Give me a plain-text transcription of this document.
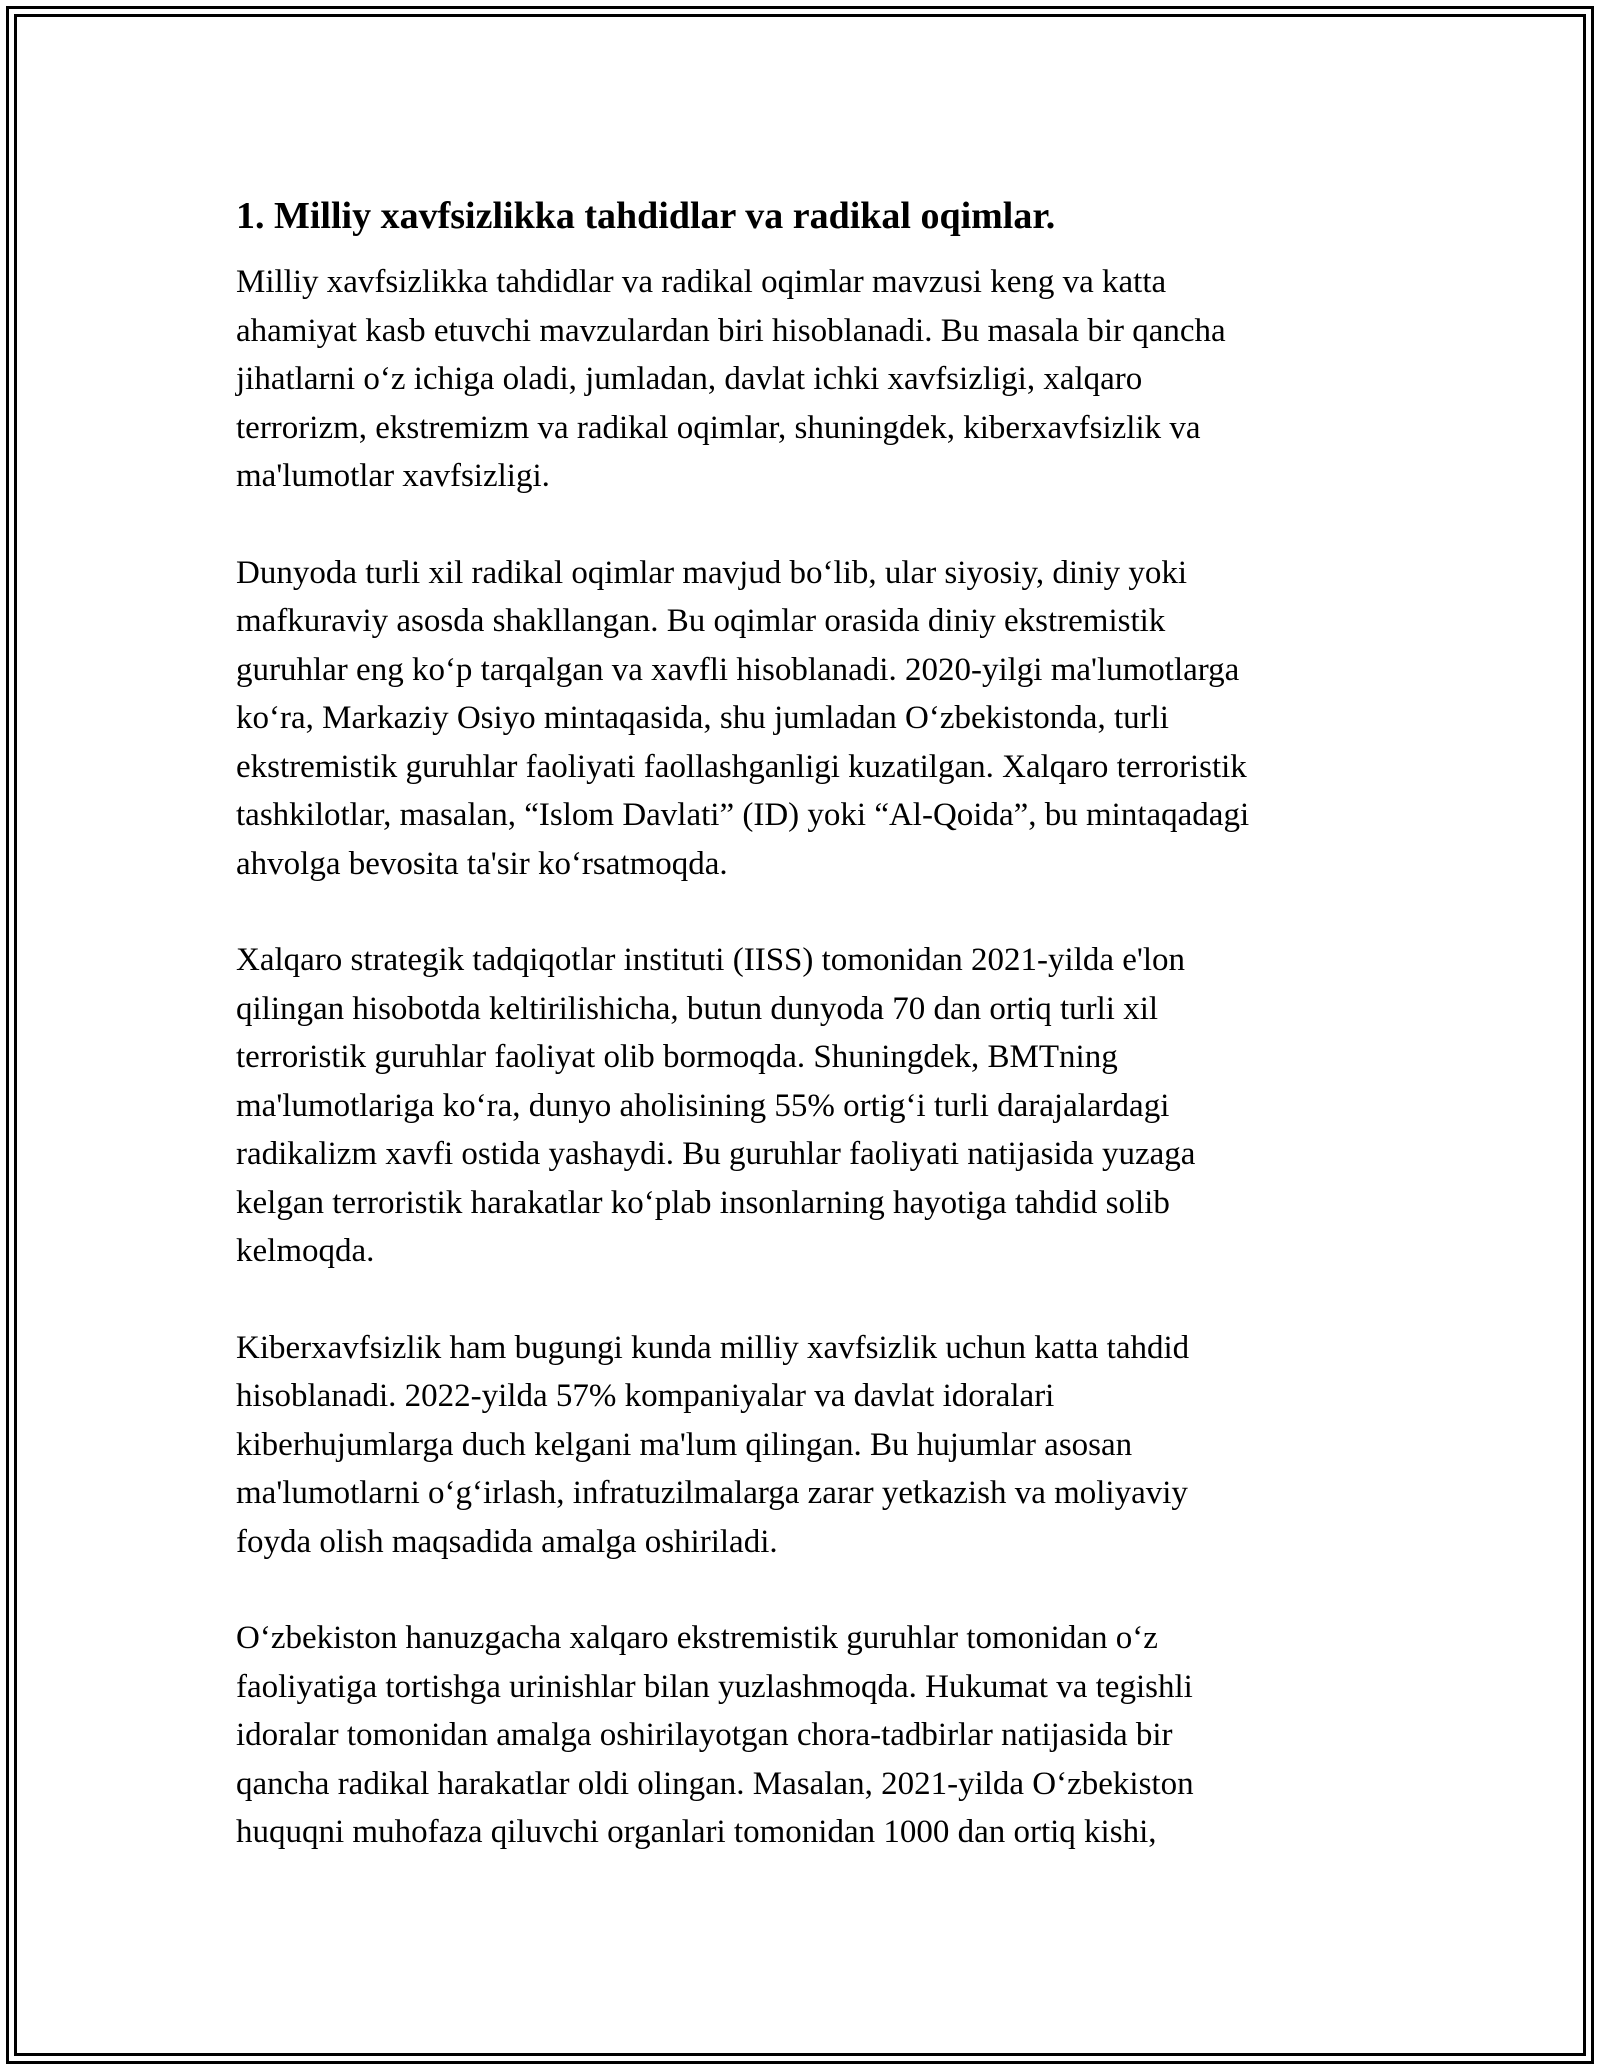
1. Milliy xavfsizlikka tahdidlar va radikal oqimlar.

Milliy xavfsizlikka tahdidlar va radikal oqimlar mavzusi keng va katta
ahamiyat kasb etuvchi mavzulardan biri hisoblanadi. Bu masala bir qancha
jihatlarni o‘z ichiga oladi, jumladan, davlat ichki xavfsizligi, xalqaro
terrorizm, ekstremizm va radikal oqimlar, shuningdek, kiberxavfsizlik va
ma'lumotlar xavfsizligi.

Dunyoda turli xil radikal oqimlar mavjud bo‘lib, ular siyosiy, diniy yoki
mafkuraviy asosda shakllangan. Bu oqimlar orasida diniy ekstremistik
guruhlar eng ko‘p tarqalgan va xavfli hisoblanadi. 2020-yilgi ma'lumotlarga
ko‘ra, Markaziy Osiyo mintaqasida, shu jumladan O‘zbekistonda, turli
ekstremistik guruhlar faoliyati faollashganligi kuzatilgan. Xalqaro terroristik
tashkilotlar, masalan, “Islom Davlati” (ID) yoki “Al-Qoida”, bu mintaqadagi
ahvolga bevosita ta'sir ko‘rsatmoqda.

Xalqaro strategik tadqiqotlar instituti (IISS) tomonidan 2021-yilda e'lon
qilingan hisobotda keltirilishicha, butun dunyoda 70 dan ortiq turli xil
terroristik guruhlar faoliyat olib bormoqda. Shuningdek, BMTning
ma'lumotlariga ko‘ra, dunyo aholisining 55% ortig‘i turli darajalardagi
radikalizm xavfi ostida yashaydi. Bu guruhlar faoliyati natijasida yuzaga
kelgan terroristik harakatlar ko‘plab insonlarning hayotiga tahdid solib
kelmoqda.

Kiberxavfsizlik ham bugungi kunda milliy xavfsizlik uchun katta tahdid
hisoblanadi. 2022-yilda 57% kompaniyalar va davlat idoralari
kiberhujumlarga duch kelgani ma'lum qilingan. Bu hujumlar asosan
ma'lumotlarni o‘g‘irlash, infratuzilmalarga zarar yetkazish va moliyaviy
foyda olish maqsadida amalga oshiriladi.

O‘zbekiston hanuzgacha xalqaro ekstremistik guruhlar tomonidan o‘z
faoliyatiga tortishga urinishlar bilan yuzlashmoqda. Hukumat va tegishli
idoralar tomonidan amalga oshirilayotgan chora-tadbirlar natijasida bir
qancha radikal harakatlar oldi olingan. Masalan, 2021-yilda O‘zbekiston
huquqni muhofaza qiluvchi organlari tomonidan 1000 dan ortiq kishi,
